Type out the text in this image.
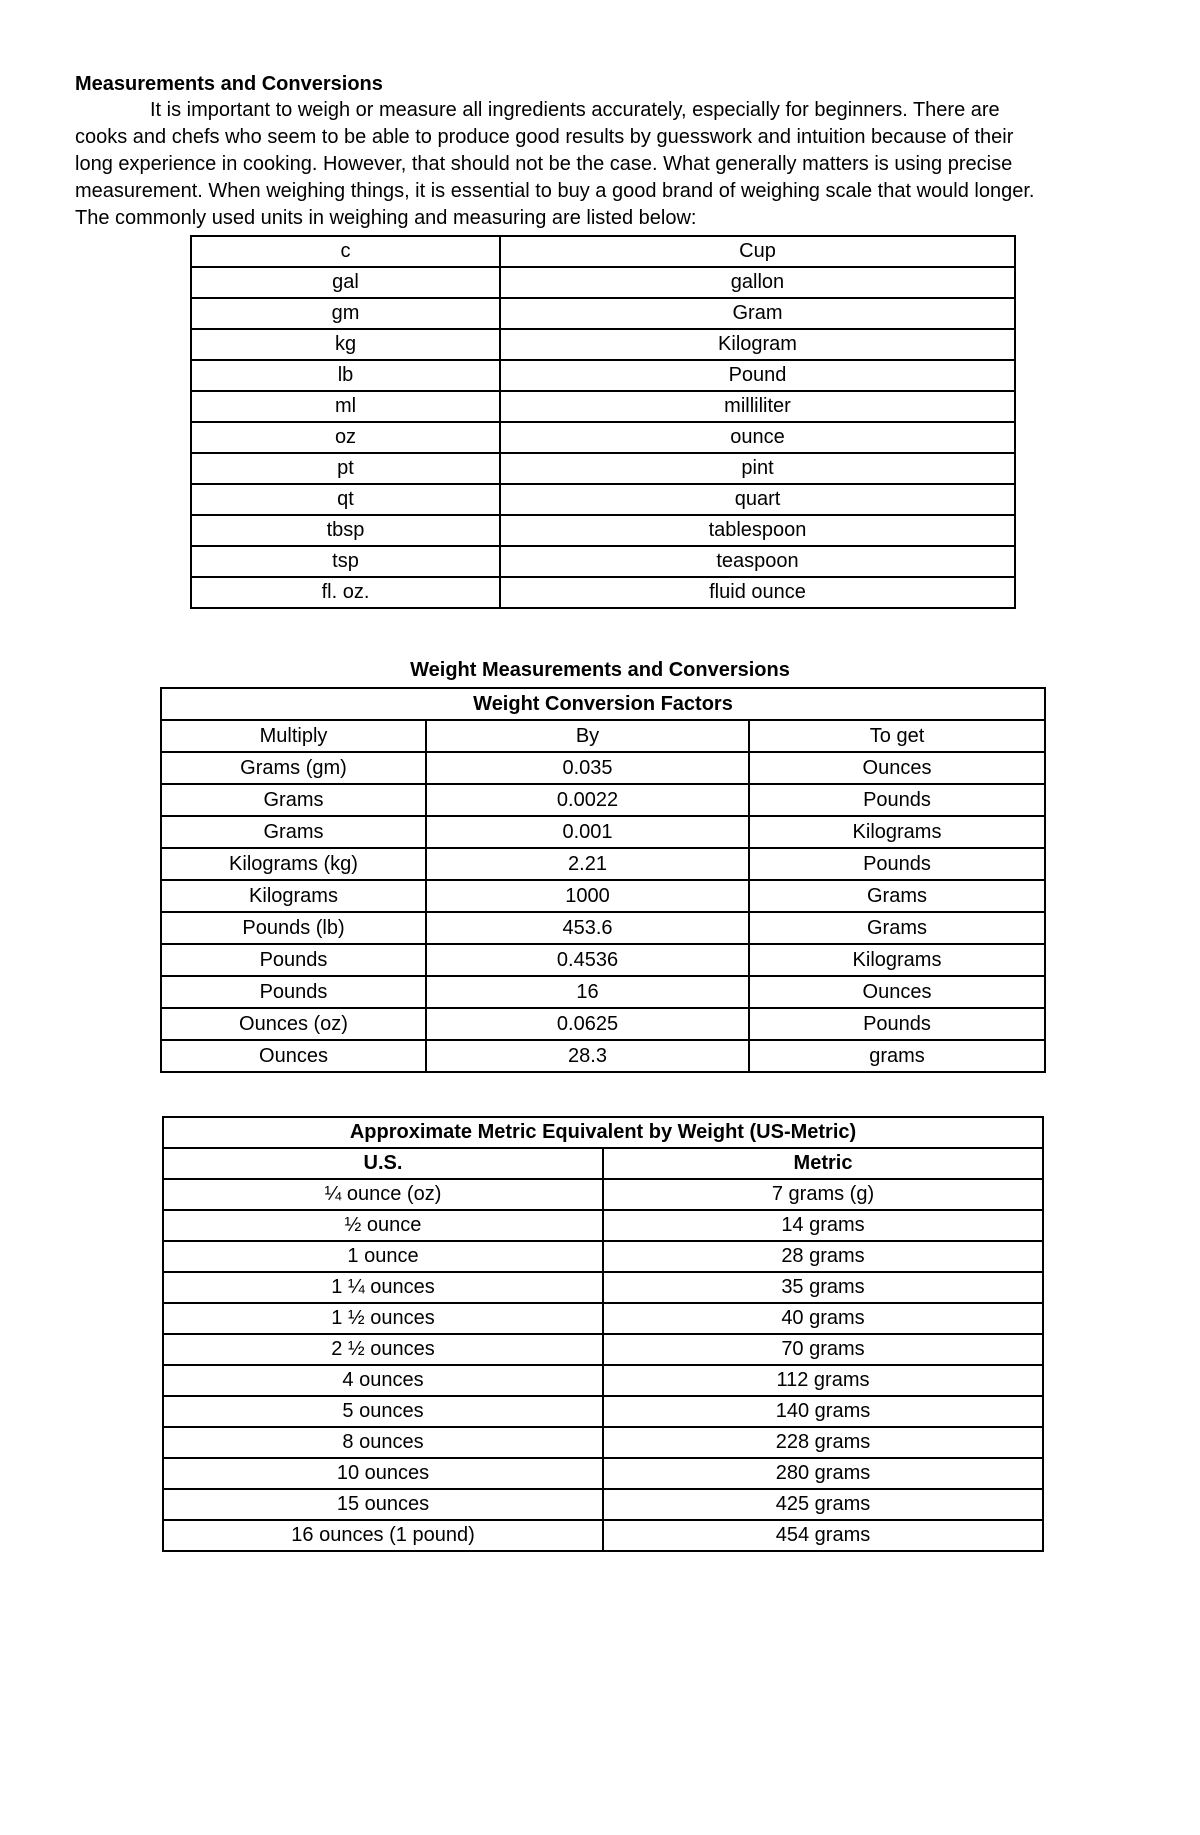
Measurements and Conversions
It is important to weigh or measure all ingredients accurately, especially for beginners. There are
cooks and chefs who seem to be able to produce good results by guesswork and intuition because of their
long experience in cooking. However, that should not be the case. What generally matters is using precise
measurement. When weighing things, it is essential to buy a good brand of weighing scale that would longer.
The commonly used units in weighing and measuring are listed below:
c	Cup
gal	gallon
gm	Gram
kg	Kilogram
lb	Pound
ml	milliliter
oz	ounce
pt	pint
qt	quart
tbsp	tablespoon
tsp	teaspoon
fl. oz.	fluid ounce
Weight Measurements and Conversions
Weight Conversion Factors		
Multiply	By	To get
Grams (gm)	0.035	Ounces
Grams	0.0022	Pounds
Grams	0.001	Kilograms
Kilograms (kg)	2.21	Pounds
Kilograms	1000	Grams
Pounds (lb)	453.6	Grams
Pounds	0.4536	Kilograms
Pounds	16	Ounces
Ounces (oz)	0.0625	Pounds
Ounces	28.3	grams
Approximate Metric Equivalent by Weight (US-Metric)	
U.S.	Metric
¼ ounce (oz)	7 grams (g)
½ ounce	14 grams
1 ounce	28 grams
1 ¼ ounces	35 grams
1 ½ ounces	40 grams
2 ½ ounces	70 grams
4 ounces	112 grams
5 ounces	140 grams
8 ounces	228 grams
10 ounces	280 grams
15 ounces	425 grams
16 ounces (1 pound)	454 grams
